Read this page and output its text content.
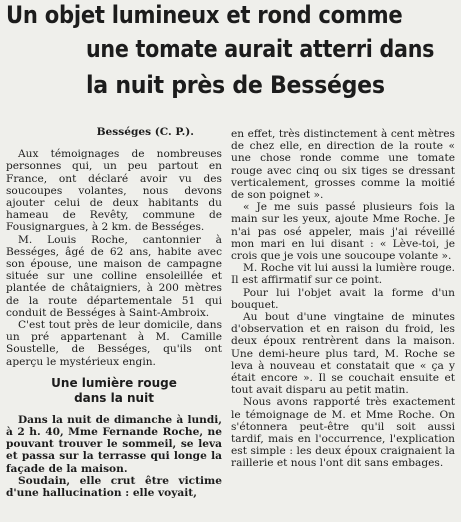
Un objet lumineux et rond comme
une tomate aurait atterri dans
la nuit près de Bességes

Bességes (C. P.).

Aux témoignages de nombreuses personnes qui, un peu partout en France, ont déclaré avoir vu des soucoupes volantes, nous devons ajouter celui de deux habitants du hameau de Revêty, commune de Fousignargues, à 2 km. de Bességes.

M. Louis Roche, cantonnier à Bességes, âgé de 62 ans, habite avec son épouse, une maison de campagne située sur une colline ensoleillée et plantée de châtaigniers, à 200 mètres de la route départementale 51 qui conduit de Bességes à Saint-Ambroix.

C'est tout près de leur domicile, dans un pré appartenant à M. Camille Soustelle, de Bességes, qu'ils ont aperçu le mystérieux engin.

Une lumière rouge
dans la nuit

Dans la nuit de dimanche à lundi, à 2 h. 40, Mme Fernande Roche, ne pouvant trouver le sommeil, se leva et passa sur la terrasse qui longe la façade de la maison.

Soudain, elle crut être victime d'une hallucination : elle voyait,

en effet, très distinctement à cent mètres de chez elle, en direction de la route « une chose ronde comme une tomate rouge avec cinq ou six tiges se dressant verticalement, grosses comme la moitié de son poignet ».

« Je me suis passé plusieurs fois la main sur les yeux, ajoute Mme Roche. Je n'ai pas osé appeler, mais j'ai réveillé mon mari en lui disant : « Lève-toi, je crois que je vois une soucoupe volante ».

M. Roche vit lui aussi la lumière rouge. Il est affirmatif sur ce point.

Pour lui l'objet avait la forme d'un bouquet.

Au bout d'une vingtaine de minutes d'observation et en raison du froid, les deux époux rentrèrent dans la maison. Une demi-heure plus tard, M. Roche se leva à nouveau et constatait que « ça y était encore ». Il se couchait ensuite et tout avait disparu au petit matin.

Nous avons rapporté très exactement le témoignage de M. et Mme Roche. On s'étonnera peut-être qu'il soit aussi tardif, mais en l'occurrence, l'explication est simple : les deux époux craignaient la raillerie et nous l'ont dit sans embages.
